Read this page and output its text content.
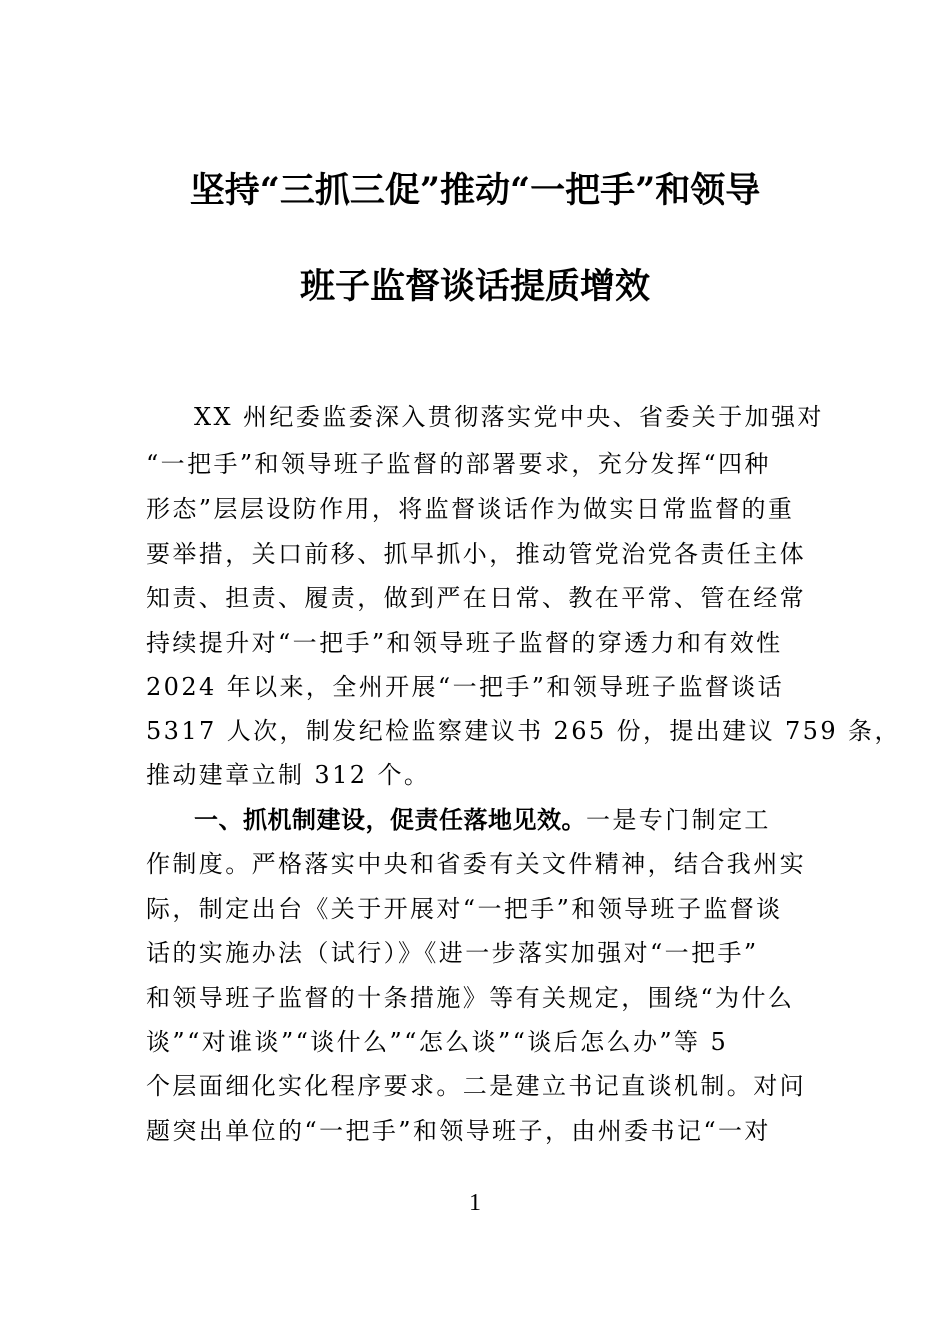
坚持“三抓三促”推动“一把手”和领导
班子监督谈话提质增效
XX 州纪委监委深入贯彻落实党中央、省委关于加强对
“一把手”和领导班子监督的部署要求，充分发挥“四种
形态”层层设防作用，将监督谈话作为做实日常监督的重
要举措，关口前移、抓早抓小，推动管党治党各责任主体
知责、担责、履责，做到严在日常、教在平常、管在经常
持续提升对“一把手”和领导班子监督的穿透力和有效性
2024 年以来，全州开展“一把手”和领导班子监督谈话
5317 人次，制发纪检监察建议书 265 份，提出建议 759 条，
推动建章立制 312 个。
一、抓机制建设，促责任落地见效。一是专门制定工
作制度。严格落实中央和省委有关文件精神，结合我州实
际，制定出台《关于开展对“一把手”和领导班子监督谈
话的实施办法（试行）》《进一步落实加强对“一把手”
和领导班子监督的十条措施》等有关规定，围绕“为什么
谈”“对谁谈”“谈什么”“怎么谈”“谈后怎么办”等 5
个层面细化实化程序要求。二是建立书记直谈机制。对问
题突出单位的“一把手”和领导班子，由州委书记“一对
1
